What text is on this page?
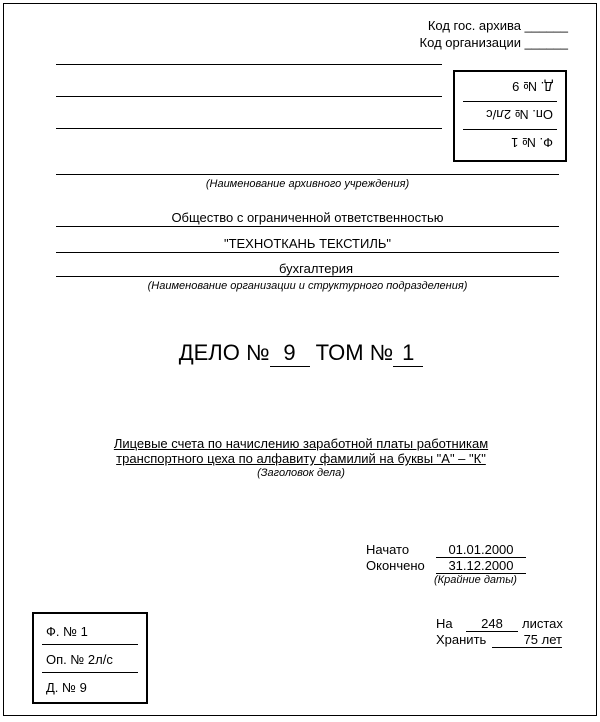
Код гос. архива ______
Код организации ______
(Наименование архивного учреждения)
Ф. № 1
Оп. № 2л/с
Д. № 9
Общество с ограниченной ответственностью
"ТЕХНОТКАНЬ ТЕКСТИЛЬ"
бухгалтерия
(Наименование организации и структурного подразделения)
ДЕЛО № 9 ТОМ № 1
Лицевые счета по начислению заработной платы работникам
транспортного цеха по алфавиту фамилий на буквы "А" – "К"
(Заголовок дела)
Начато	01.01.2000
Окончено	31.12.2000
(Крайние даты)
На	248	листах
Хранить	75 лет
Ф. № 1
Оп. № 2л/с
Д. № 9
